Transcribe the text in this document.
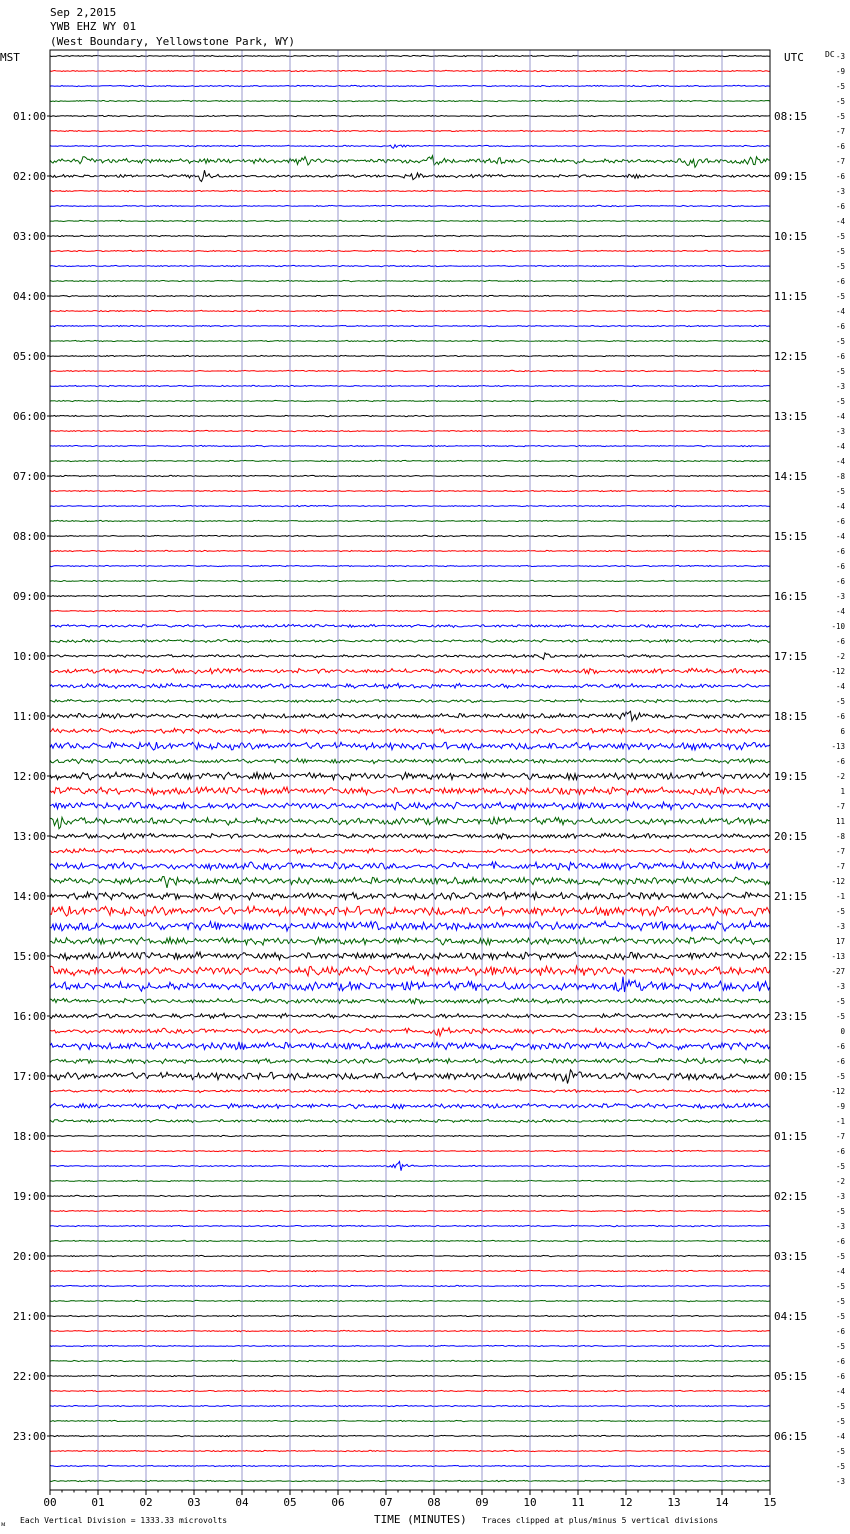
Sep 2,2015
YWB EHZ WY 01
(West Boundary, Yellowstone Park, WY)
MST	UTC	DC
01:00
02:00
03:00
04:00
05:00
06:00
07:00
08:00
09:00
10:00
11:00
12:00
13:00
14:00
15:00
16:00
17:00
18:00
19:00
20:00
21:00
22:00
23:00
08:15
09:15
10:15
11:15
12:15
13:15
14:15
15:15
16:15
17:15
18:15
19:15
20:15
21:15
22:15
23:15
00:15
01:15
02:15
03:15
04:15
05:15
06:15
-3
-9
-5
-5
-5
-7
-6
-7
-6
-3
-6
-4
-5
-5
-5
-6
-5
-4
-6
-5
-6
-5
-3
-5
-4
-3
-4
-4
-8
-5
-4
-6
-4
-6
-6
-6
-3
-4
-10
-6
-2
-12
-4
-5
-6
6
-13
-6
-2
1
-7
11
-8
-7
-7
-12
-1
-5
-3
17
-13
-27
-3
-5
-5
0
-6
-6
-5
-12
-9
-1
-7
-6
-5
-2
-3
-5
-3
-6
-5
-4
-5
-5
-5
-6
-5
-6
-6
-4
-5
-5
-4
-5
-5
-3
00	01	02	03	04	05	06	07	08	09	10	11	12	13	14	15
ᴍ Each Vertical Division = 1333.33 microvolts	TIME (MINUTES) Traces clipped at plus/minus 5 vertical divisions
